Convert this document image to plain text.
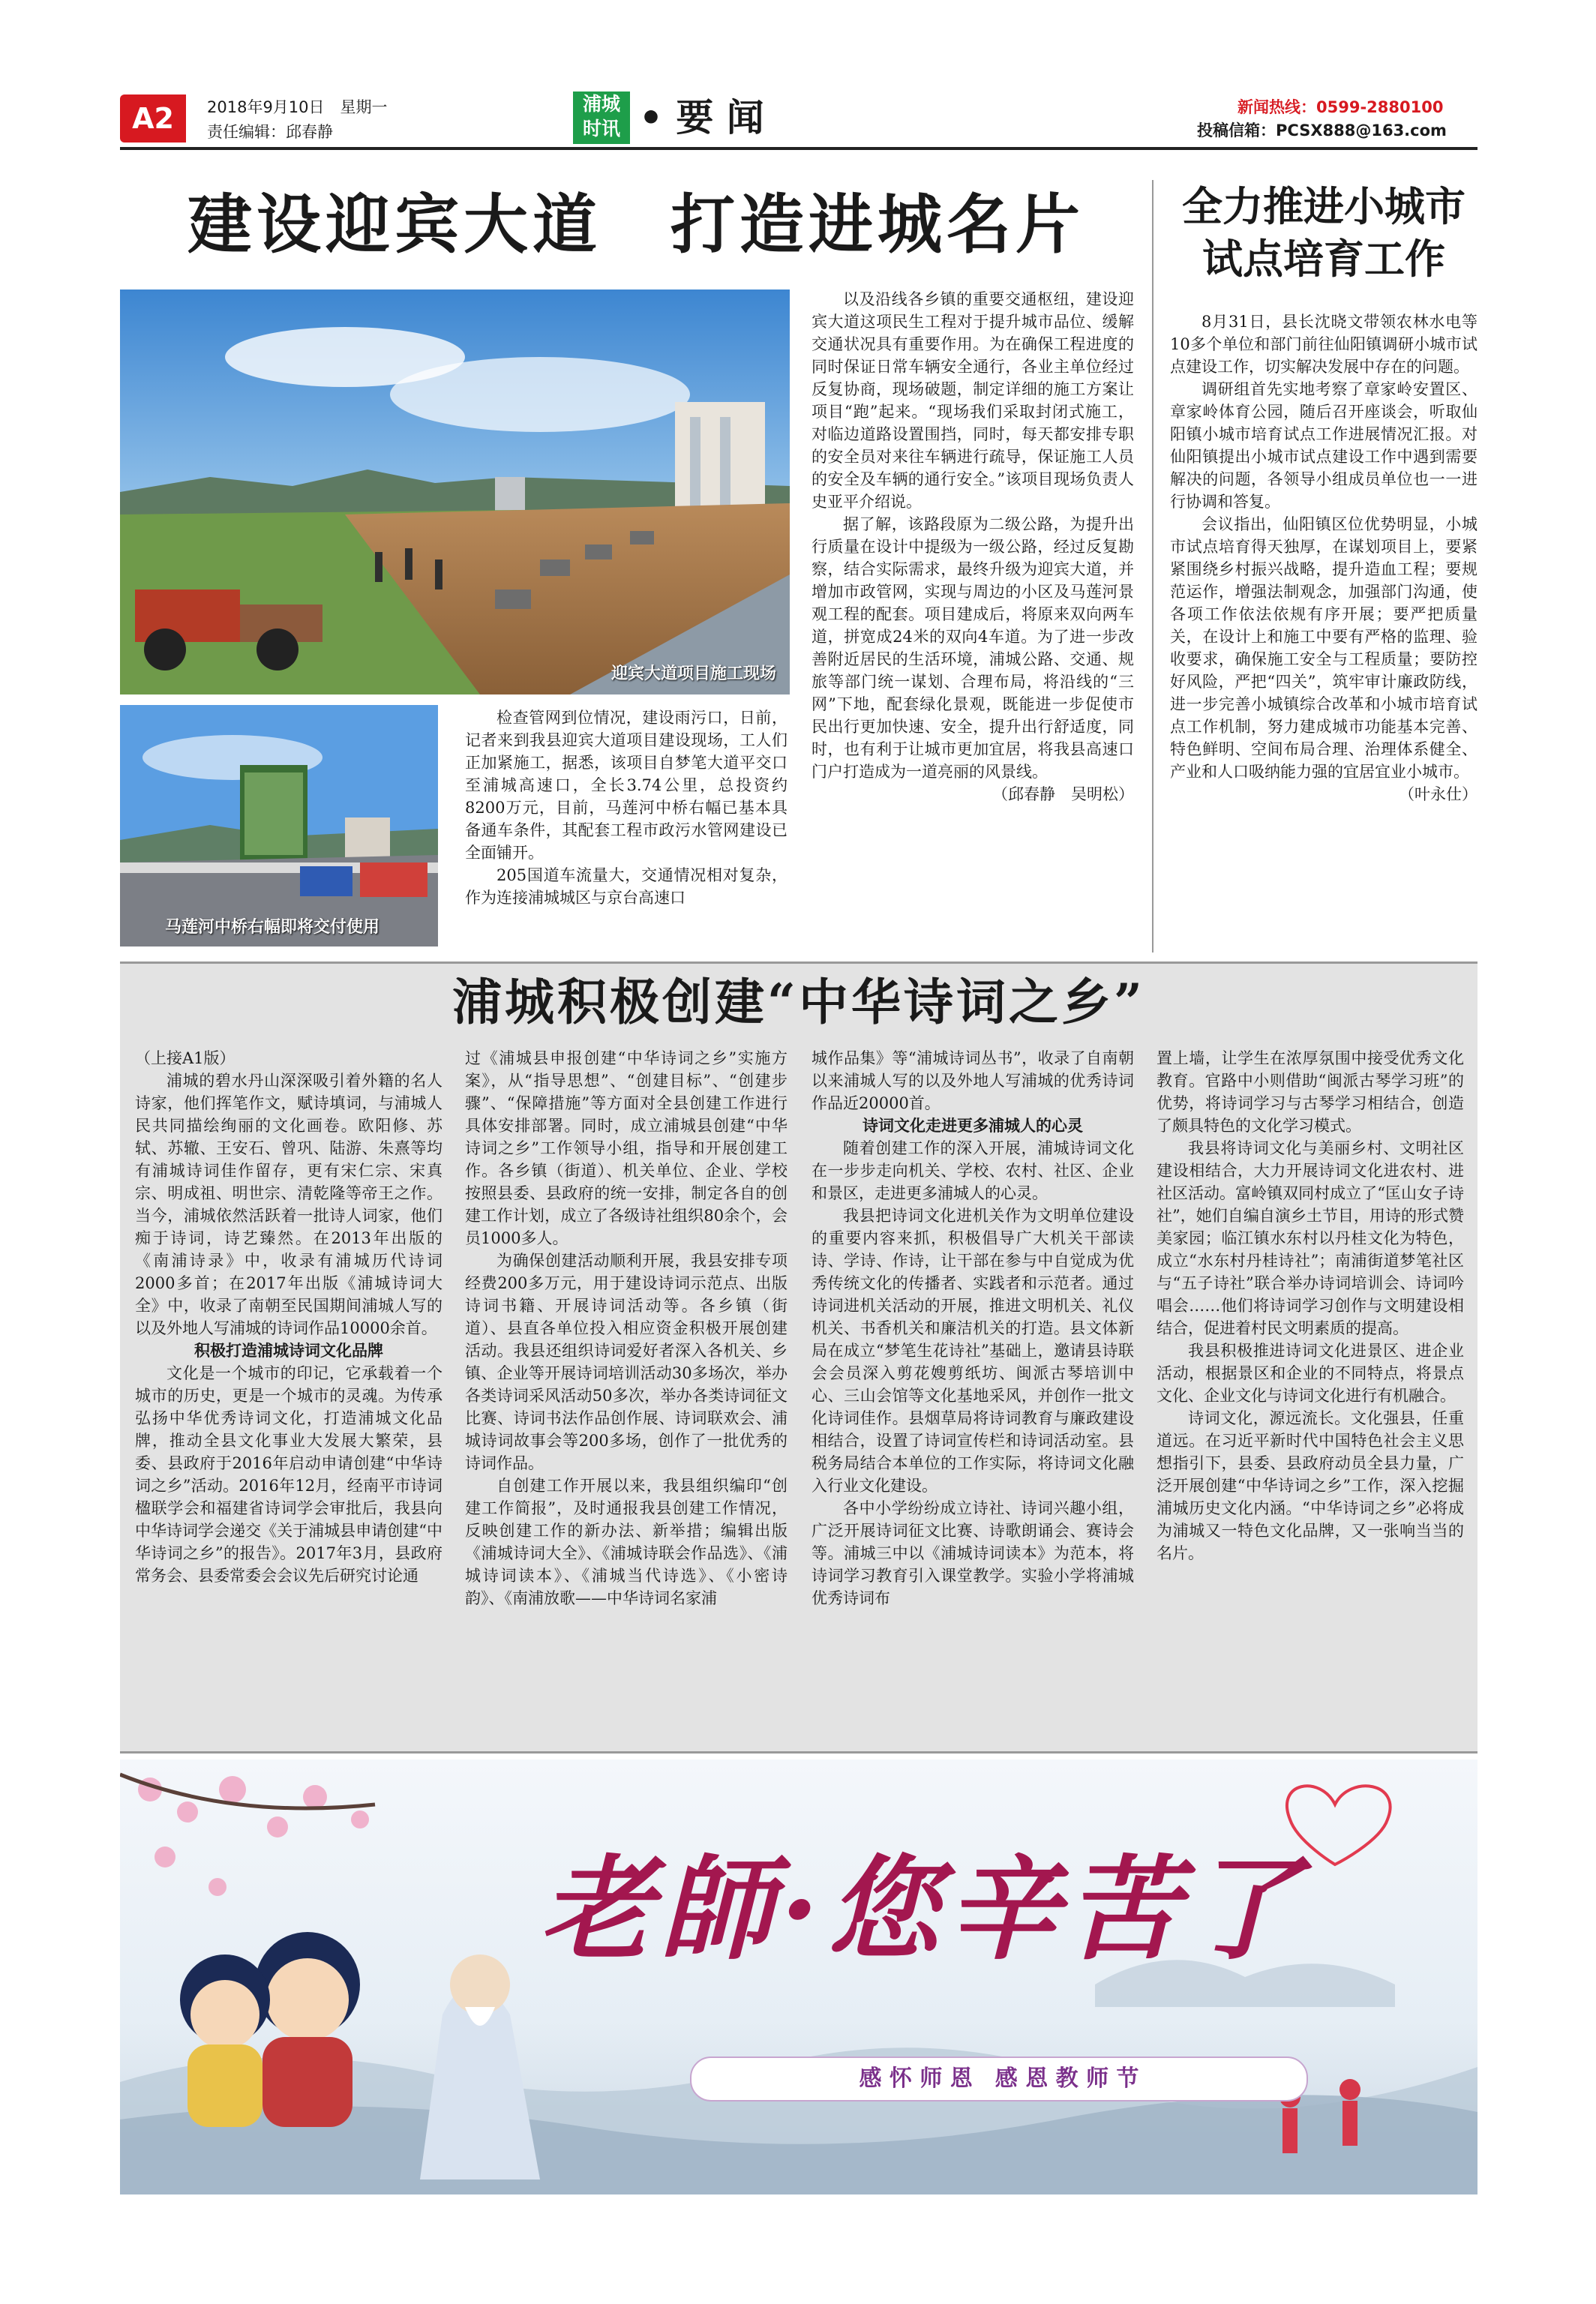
A2	2018年9月10日　星期一
责任编辑：邱春静
浦城
时讯 • 要 闻	新闻热线：0599-2880100
投稿信箱：PCSX888@163.com
建设迎宾大道　打造进城名片
迎宾大道项目施工现场
马莲河中桥右幅即将交付使用

检查管网到位情况，建设雨污口，日前，记者来到我县迎宾大道项目建设现场，工人们正加紧施工，据悉，该项目自梦笔大道平交口至浦城高速口，全长3.74公里，总投资约8200万元，目前，马莲河中桥右幅已基本具备通车条件，其配套工程市政污水管网建设已全面铺开。

205国道车流量大，交通情况相对复杂，作为连接浦城城区与京台高速口

以及沿线各乡镇的重要交通枢纽，建设迎宾大道这项民生工程对于提升城市品位、缓解交通状况具有重要作用。为在确保工程进度的同时保证日常车辆安全通行，各业主单位经过反复协商，现场破题，制定详细的施工方案让项目“跑”起来。“现场我们采取封闭式施工，对临边道路设置围挡，同时，每天都安排专职的安全员对来往车辆进行疏导，保证施工人员的安全及车辆的通行安全。”该项目现场负责人史亚平介绍说。

据了解，该路段原为二级公路，为提升出行质量在设计中提级为一级公路，经过反复勘察，结合实际需求，最终升级为迎宾大道，并增加市政管网，实现与周边的小区及马莲河景观工程的配套。项目建成后，将原来双向两车道，拼宽成24米的双向4车道。为了进一步改善附近居民的生活环境，浦城公路、交通、规旅等部门统一谋划、合理布局，将沿线的“三网”下地，配套绿化景观，既能进一步促使市民出行更加快速、安全，提升出行舒适度，同时，也有利于让城市更加宜居，将我县高速口门户打造成为一道亮丽的风景线。

（邱春静　吴明松）

全力推进小城市
试点培育工作

8月31日，县长沈晓文带领农林水电等10多个单位和部门前往仙阳镇调研小城市试点建设工作，切实解决发展中存在的问题。

调研组首先实地考察了章家岭安置区、章家岭体育公园，随后召开座谈会，听取仙阳镇小城市培育试点工作进展情况汇报。对仙阳镇提出小城市试点建设工作中遇到需要解决的问题，各领导小组成员单位也一一进行协调和答复。

会议指出，仙阳镇区位优势明显，小城市试点培育得天独厚，在谋划项目上，要紧紧围绕乡村振兴战略，提升造血工程；要规范运作，增强法制观念，加强部门沟通，使各项工作依法依规有序开展；要严把质量关，在设计上和施工中要有严格的监理、验收要求，确保施工安全与工程质量；要防控好风险，严把“四关”，筑牢审计廉政防线，进一步完善小城镇综合改革和小城市培育试点工作机制，努力建成城市功能基本完善、特色鲜明、空间布局合理、治理体系健全、产业和人口吸纳能力强的宜居宜业小城市。

（叶永仕）

浦城积极创建“中华诗词之乡”

（上接A1版）

浦城的碧水丹山深深吸引着外籍的名人诗家，他们挥笔作文，赋诗填词，与浦城人民共同描绘绚丽的文化画卷。欧阳修、苏轼、苏辙、王安石、曾巩、陆游、朱熹等均有浦城诗词佳作留存，更有宋仁宗、宋真宗、明成祖、明世宗、清乾隆等帝王之作。当今，浦城依然活跃着一批诗人词家，他们痴于诗词，诗艺臻然。在2013年出版的《南浦诗录》中，收录有浦城历代诗词2000多首；在2017年出版《浦城诗词大全》中，收录了南朝至民国期间浦城人写的以及外地人写浦城的诗词作品10000余首。

积极打造浦城诗词文化品牌

文化是一个城市的印记，它承载着一个城市的历史，更是一个城市的灵魂。为传承弘扬中华优秀诗词文化，打造浦城文化品牌，推动全县文化事业大发展大繁荣，县委、县政府于2016年启动申请创建“中华诗词之乡”活动。2016年12月，经南平市诗词楹联学会和福建省诗词学会审批后，我县向中华诗词学会递交《关于浦城县申请创建“中华诗词之乡”的报告》。2017年3月，县政府常务会、县委常委会会议先后研究讨论通

过《浦城县申报创建“中华诗词之乡”实施方案》，从“指导思想”、“创建目标”、“创建步骤”、“保障措施”等方面对全县创建工作进行具体安排部署。同时，成立浦城县创建“中华诗词之乡”工作领导小组，指导和开展创建工作。各乡镇（街道）、机关单位、企业、学校按照县委、县政府的统一安排，制定各自的创建工作计划，成立了各级诗社组织80余个，会员1000多人。

为确保创建活动顺利开展，我县安排专项经费200多万元，用于建设诗词示范点、出版诗词书籍、开展诗词活动等。各乡镇（街道）、县直各单位投入相应资金积极开展创建活动。我县还组织诗词爱好者深入各机关、乡镇、企业等开展诗词培训活动30多场次，举办各类诗词采风活动50多次，举办各类诗词征文比赛、诗词书法作品创作展、诗词联欢会、浦城诗词故事会等200多场，创作了一批优秀的诗词作品。

自创建工作开展以来，我县组织编印“创建工作简报”，及时通报我县创建工作情况，反映创建工作的新办法、新举措；编辑出版《浦城诗词大全》、《浦城诗联会作品选》、《浦城诗词读本》、《浦城当代诗选》、《小密诗韵》、《南浦放歌——中华诗词名家浦

城作品集》等“浦城诗词丛书”，收录了自南朝以来浦城人写的以及外地人写浦城的优秀诗词作品近20000首。

诗词文化走进更多浦城人的心灵

随着创建工作的深入开展，浦城诗词文化在一步步走向机关、学校、农村、社区、企业和景区，走进更多浦城人的心灵。

我县把诗词文化进机关作为文明单位建设的重要内容来抓，积极倡导广大机关干部读诗、学诗、作诗，让干部在参与中自觉成为优秀传统文化的传播者、实践者和示范者。通过诗词进机关活动的开展，推进文明机关、礼仪机关、书香机关和廉洁机关的打造。县文体新局在成立“梦笔生花诗社”基础上，邀请县诗联会会员深入剪花嫂剪纸坊、闽派古琴培训中心、三山会馆等文化基地采风，并创作一批文化诗词佳作。县烟草局将诗词教育与廉政建设相结合，设置了诗词宣传栏和诗词活动室。县税务局结合本单位的工作实际，将诗词文化融入行业文化建设。

各中小学纷纷成立诗社、诗词兴趣小组，广泛开展诗词征文比赛、诗歌朗诵会、赛诗会等。浦城三中以《浦城诗词读本》为范本，将诗词学习教育引入课堂教学。实验小学将浦城优秀诗词布

置上墙，让学生在浓厚氛围中接受优秀文化教育。官路中小则借助“闽派古琴学习班”的优势，将诗词学习与古琴学习相结合，创造了颇具特色的文化学习模式。

我县将诗词文化与美丽乡村、文明社区建设相结合，大力开展诗词文化进农村、进社区活动。富岭镇双同村成立了“匡山女子诗社”，她们自编自演乡土节目，用诗的形式赞美家园；临江镇水东村以丹桂文化为特色，成立“水东村丹桂诗社”；南浦街道梦笔社区与“五子诗社”联合举办诗词培训会、诗词吟唱会……他们将诗词学习创作与文明建设相结合，促进着村民文明素质的提高。

我县积极推进诗词文化进景区、进企业活动，根据景区和企业的不同特点，将景点文化、企业文化与诗词文化进行有机融合。

诗词文化，源远流长。文化强县，任重道远。在习近平新时代中国特色社会主义思想指引下，县委、县政府动员全县力量，广泛开展创建“中华诗词之乡”工作，深入挖掘浦城历史文化内涵。“中华诗词之乡”必将成为浦城又一特色文化品牌，又一张响当当的名片。

老師·您辛苦了
感 怀 师 恩　感 恩 教 师 节
